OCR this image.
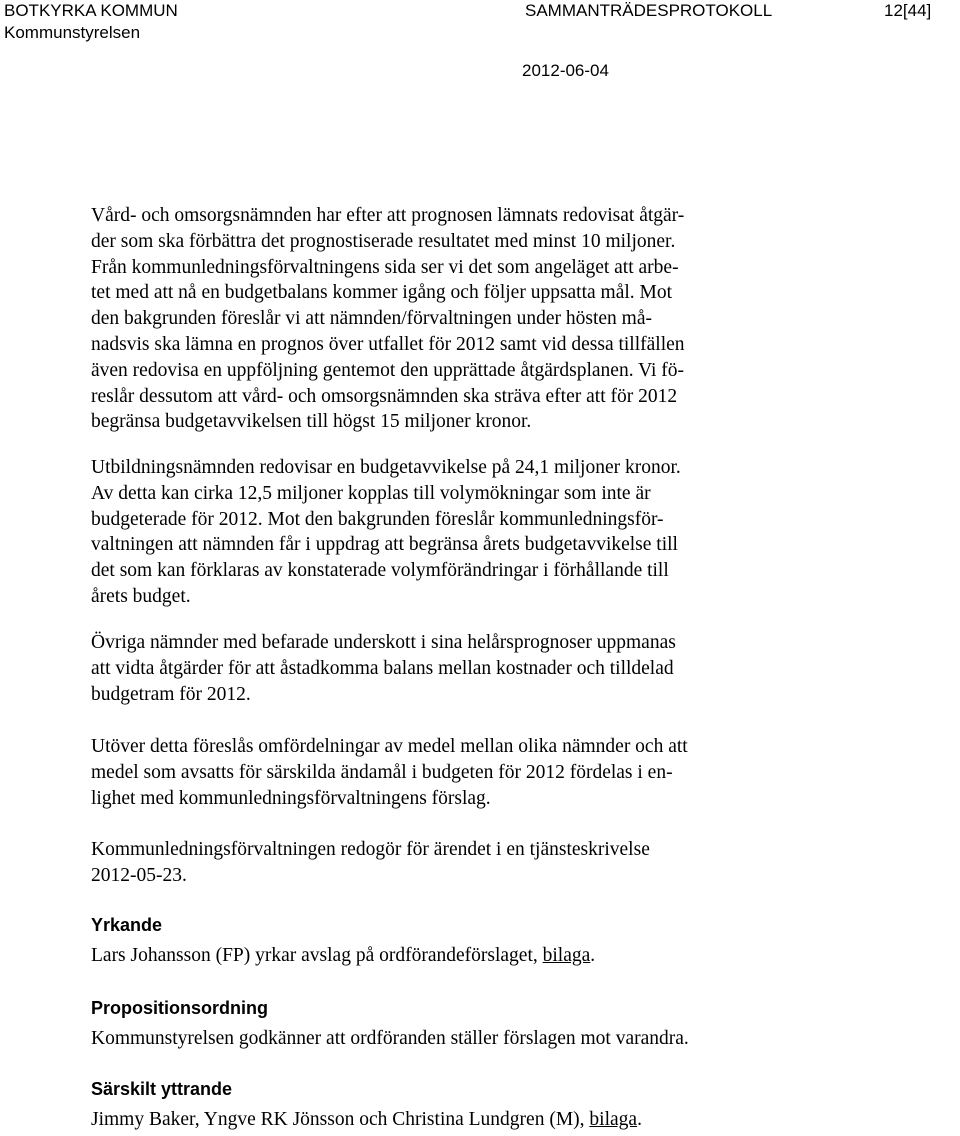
BOTKYRKA KOMMUN
Kommunstyrelsen
SAMMANTRÄDESPROTOKOLL	12[44]
2012-06-04
Vård- och omsorgsnämnden har efter att prognosen lämnats redovisat åtgär-
der som ska förbättra det prognostiserade resultatet med minst 10 miljoner.
Från kommunledningsförvaltningens sida ser vi det som angeläget att arbe-
tet med att nå en budgetbalans kommer igång och följer uppsatta mål. Mot
den bakgrunden föreslår vi att nämnden/förvaltningen under hösten må-
nadsvis ska lämna en prognos över utfallet för 2012 samt vid dessa tillfällen
även redovisa en uppföljning gentemot den upprättade åtgärdsplanen. Vi fö-
reslår dessutom att vård- och omsorgsnämnden ska sträva efter att för 2012
begränsa budgetavvikelsen till högst 15 miljoner kronor.
Utbildningsnämnden redovisar en budgetavvikelse på 24,1 miljoner kronor.
Av detta kan cirka 12,5 miljoner kopplas till volymökningar som inte är
budgeterade för 2012. Mot den bakgrunden föreslår kommunledningsför-
valtningen att nämnden får i uppdrag att begränsa årets budgetavvikelse till
det som kan förklaras av konstaterade volymförändringar i förhållande till
årets budget.
Övriga nämnder med befarade underskott i sina helårsprognoser uppmanas
att vidta åtgärder för att åstadkomma balans mellan kostnader och tilldelad
budgetram för 2012.
Utöver detta föreslås omfördelningar av medel mellan olika nämnder och att
medel som avsatts för särskilda ändamål i budgeten för 2012 fördelas i en-
lighet med kommunledningsförvaltningens förslag.
Kommunledningsförvaltningen redogör för ärendet i en tjänsteskrivelse
2012-05-23.
Yrkande
Lars Johansson (FP) yrkar avslag på ordförandeförslaget, bilaga.
Propositionsordning
Kommunstyrelsen godkänner att ordföranden ställer förslagen mot varandra.
Särskilt yttrande
Jimmy Baker, Yngve RK Jönsson och Christina Lundgren (M), bilaga.
